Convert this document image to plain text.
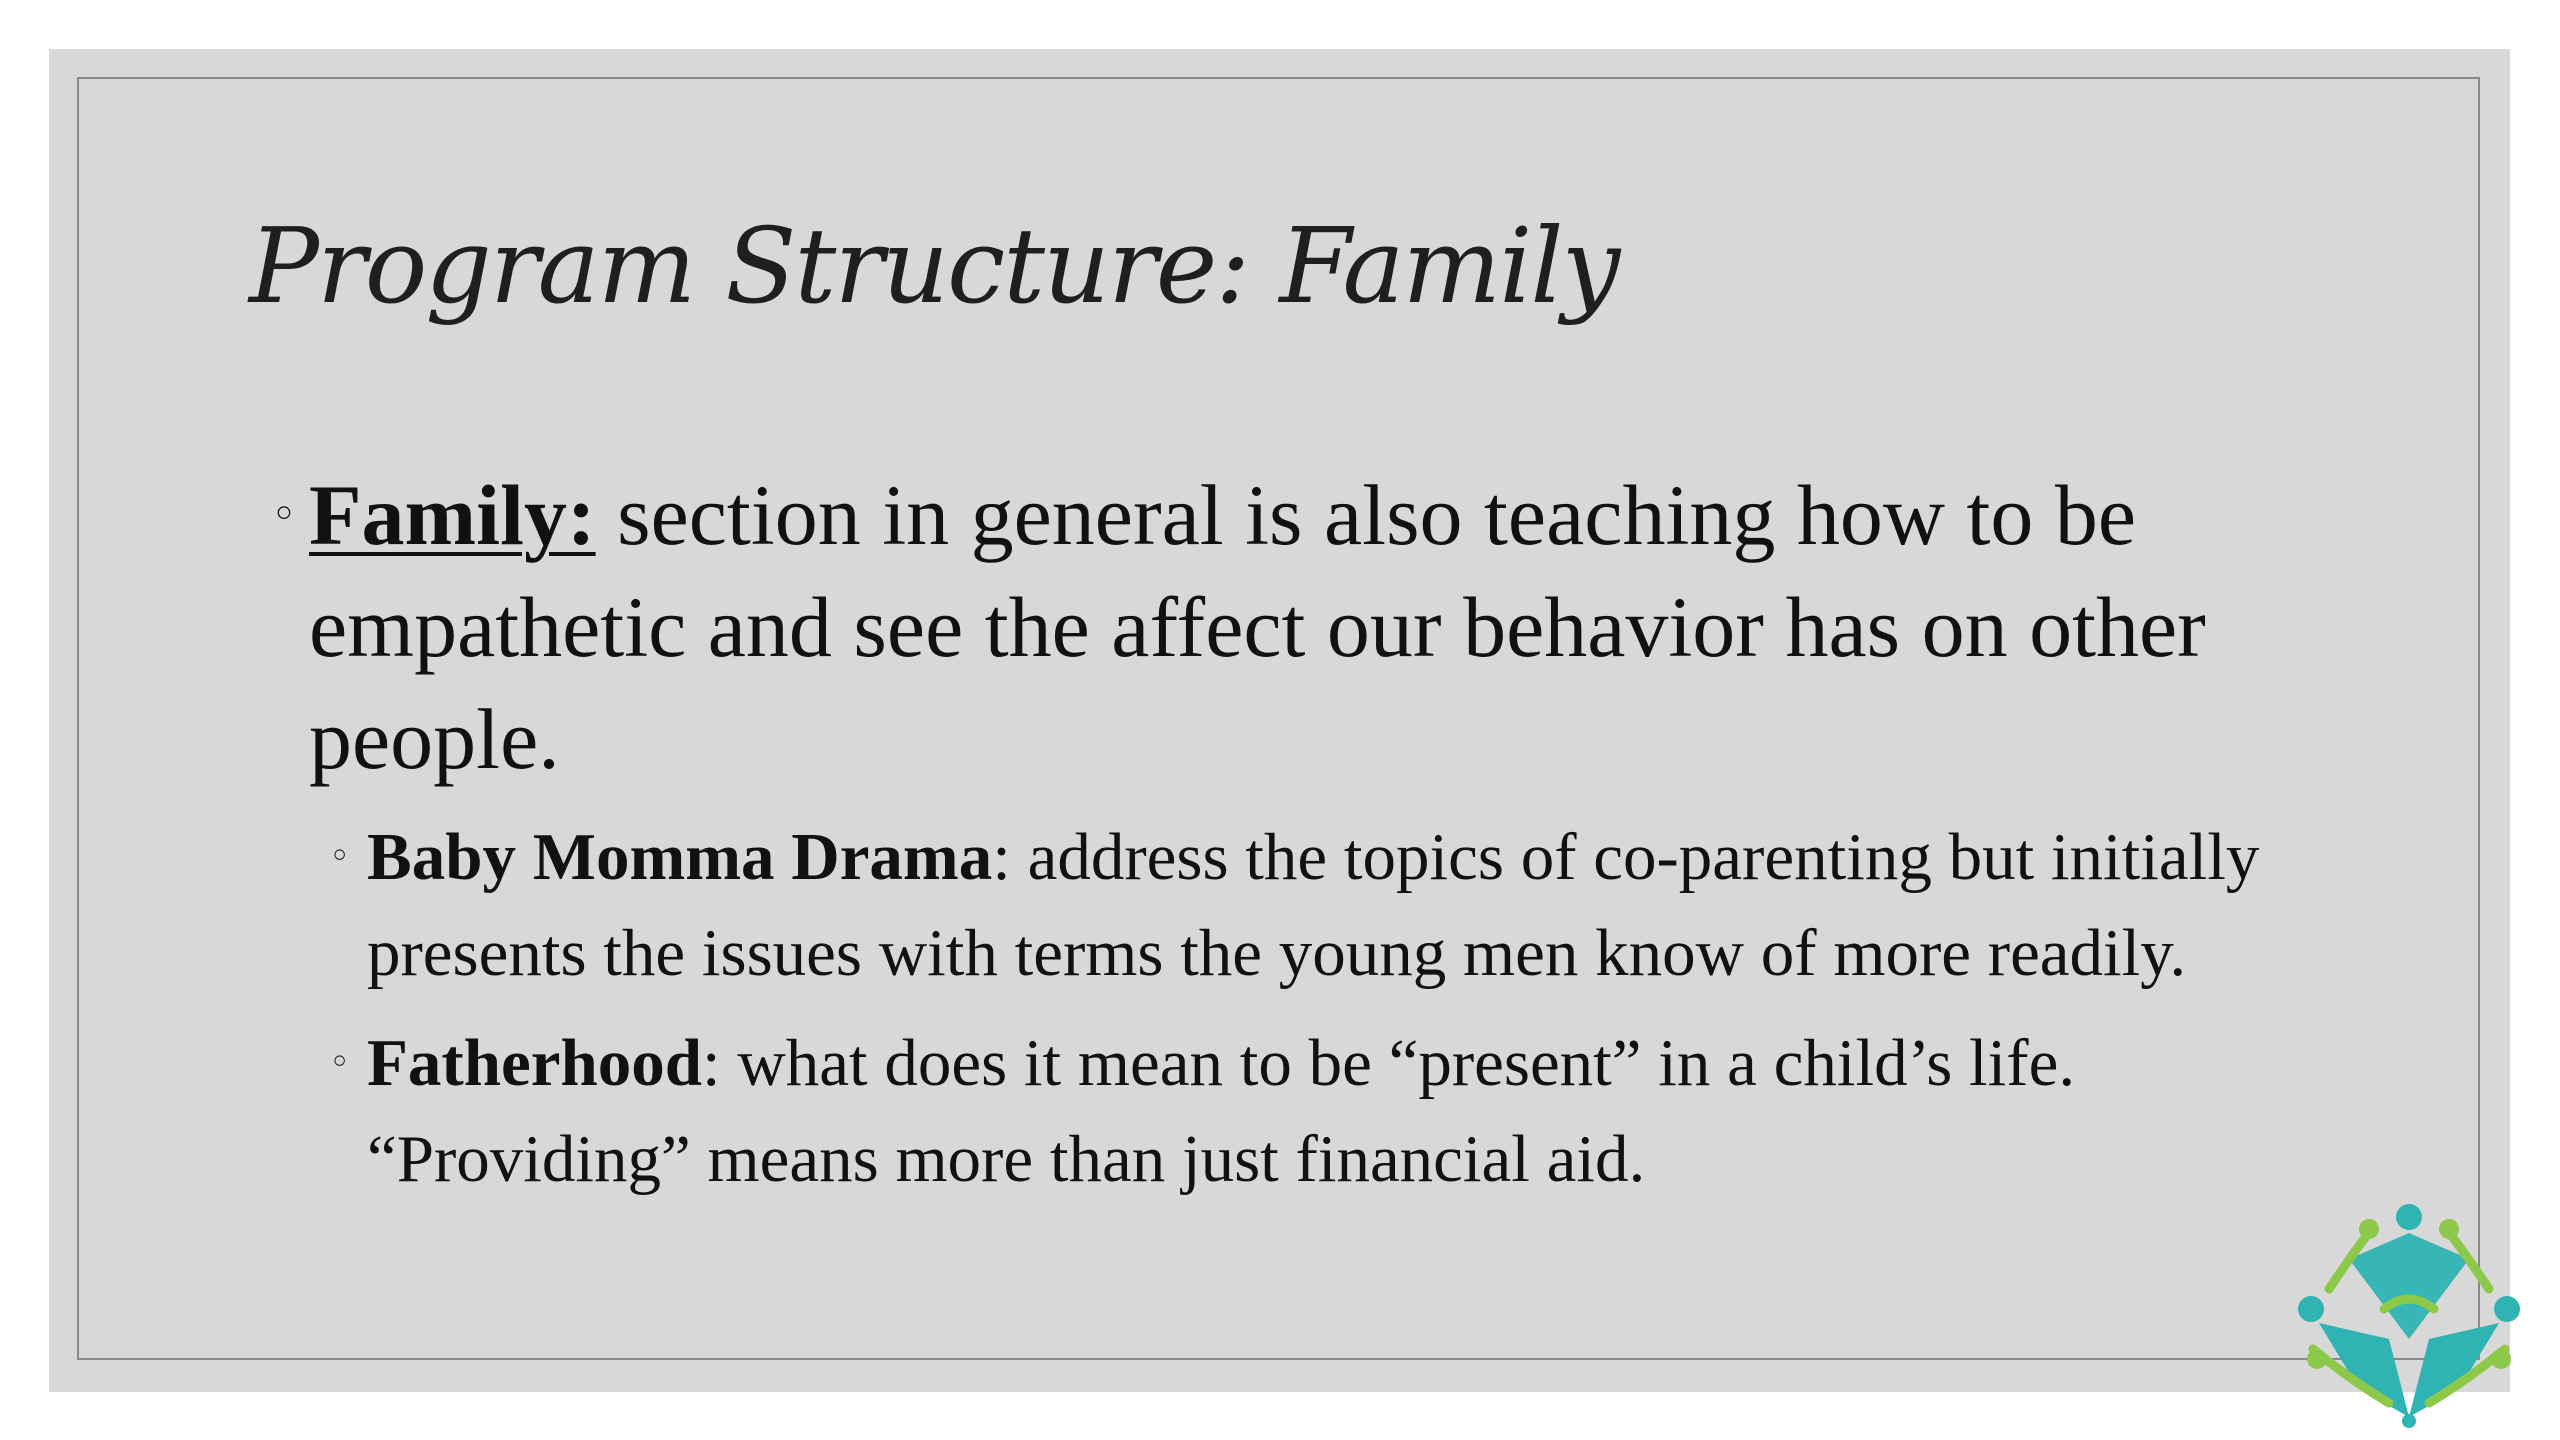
Program Structure: Family

◦ Family: section in general is also teaching how to be empathetic and see the affect our behavior has on other people.

◦ Baby Momma Drama: address the topics of co-parenting but initially presents the issues with terms the young men know of more readily.

◦ Fatherhood: what does it mean to be “present” in a child’s life. “Providing” means more than just financial aid.
